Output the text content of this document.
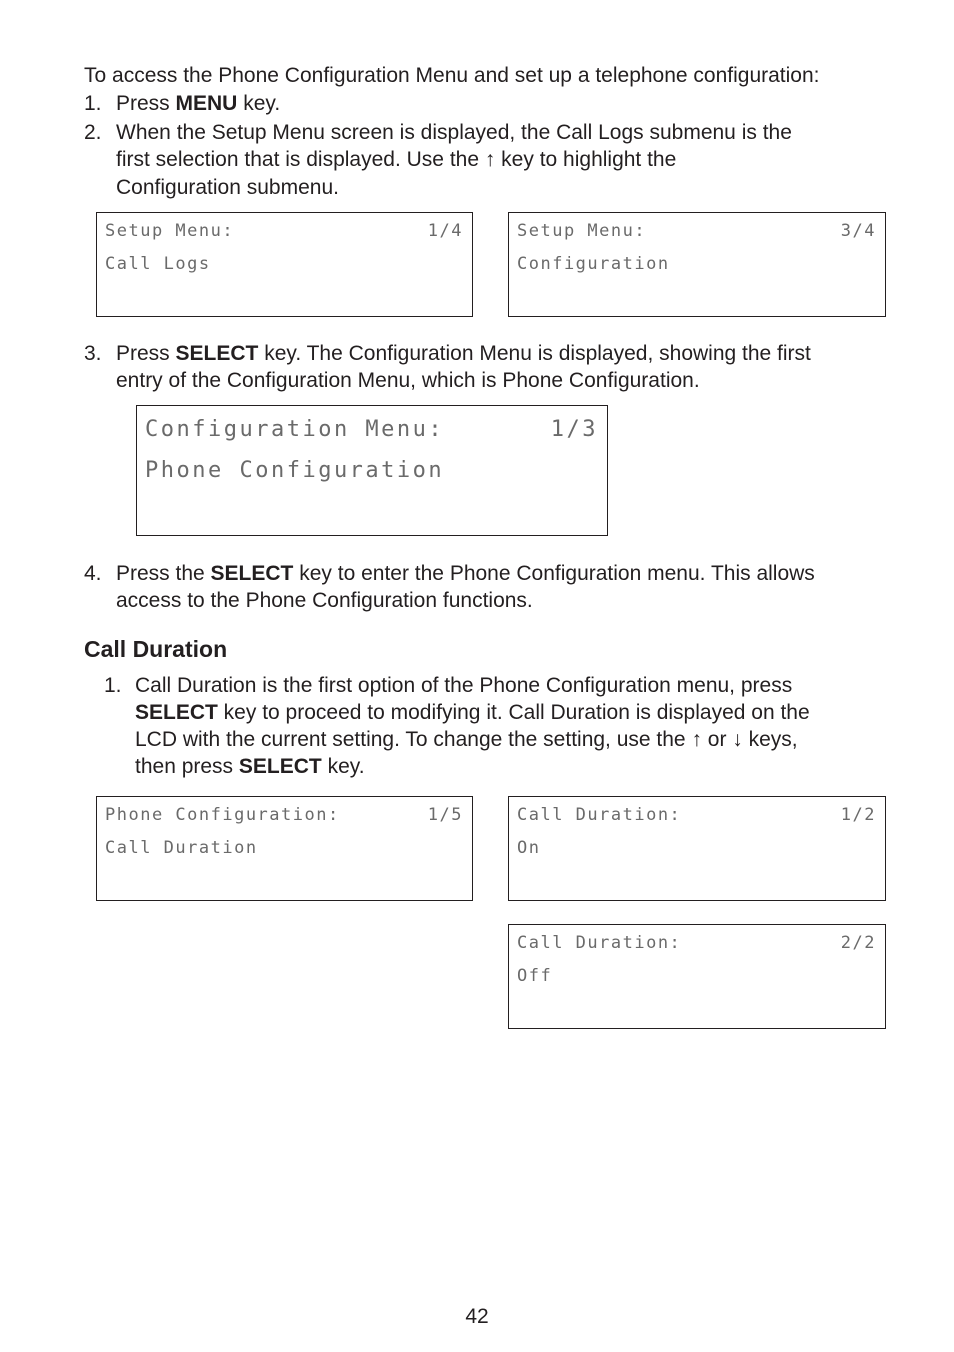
To access the Phone Configuration Menu and set up a telephone configuration:

1. Press MENU key.

2. When the Setup Menu screen is displayed, the Call Logs submenu is the

first selection that is displayed. Use the ↑ key to highlight the

Configuration submenu.

Setup Menu:	1/4
Call Logs
Setup Menu:	3/4
Configuration
3. Press SELECT key. The Configuration Menu is displayed, showing the first

entry of the Configuration Menu, which is Phone Configuration.

Configuration Menu:	1/3
Phone Configuration
4. Press the SELECT key to enter the Phone Configuration menu. This allows

access to the Phone Configuration functions.

Call Duration
1. Call Duration is the first option of the Phone Configuration menu, press

SELECT key to proceed to modifying it. Call Duration is displayed on the

LCD with the current setting. To change the setting, use the ↑ or ↓ keys,

then press SELECT key.

Phone Configuration:	1/5
Call Duration
Call Duration:	1/2
On
Call Duration:	2/2
Off
42
